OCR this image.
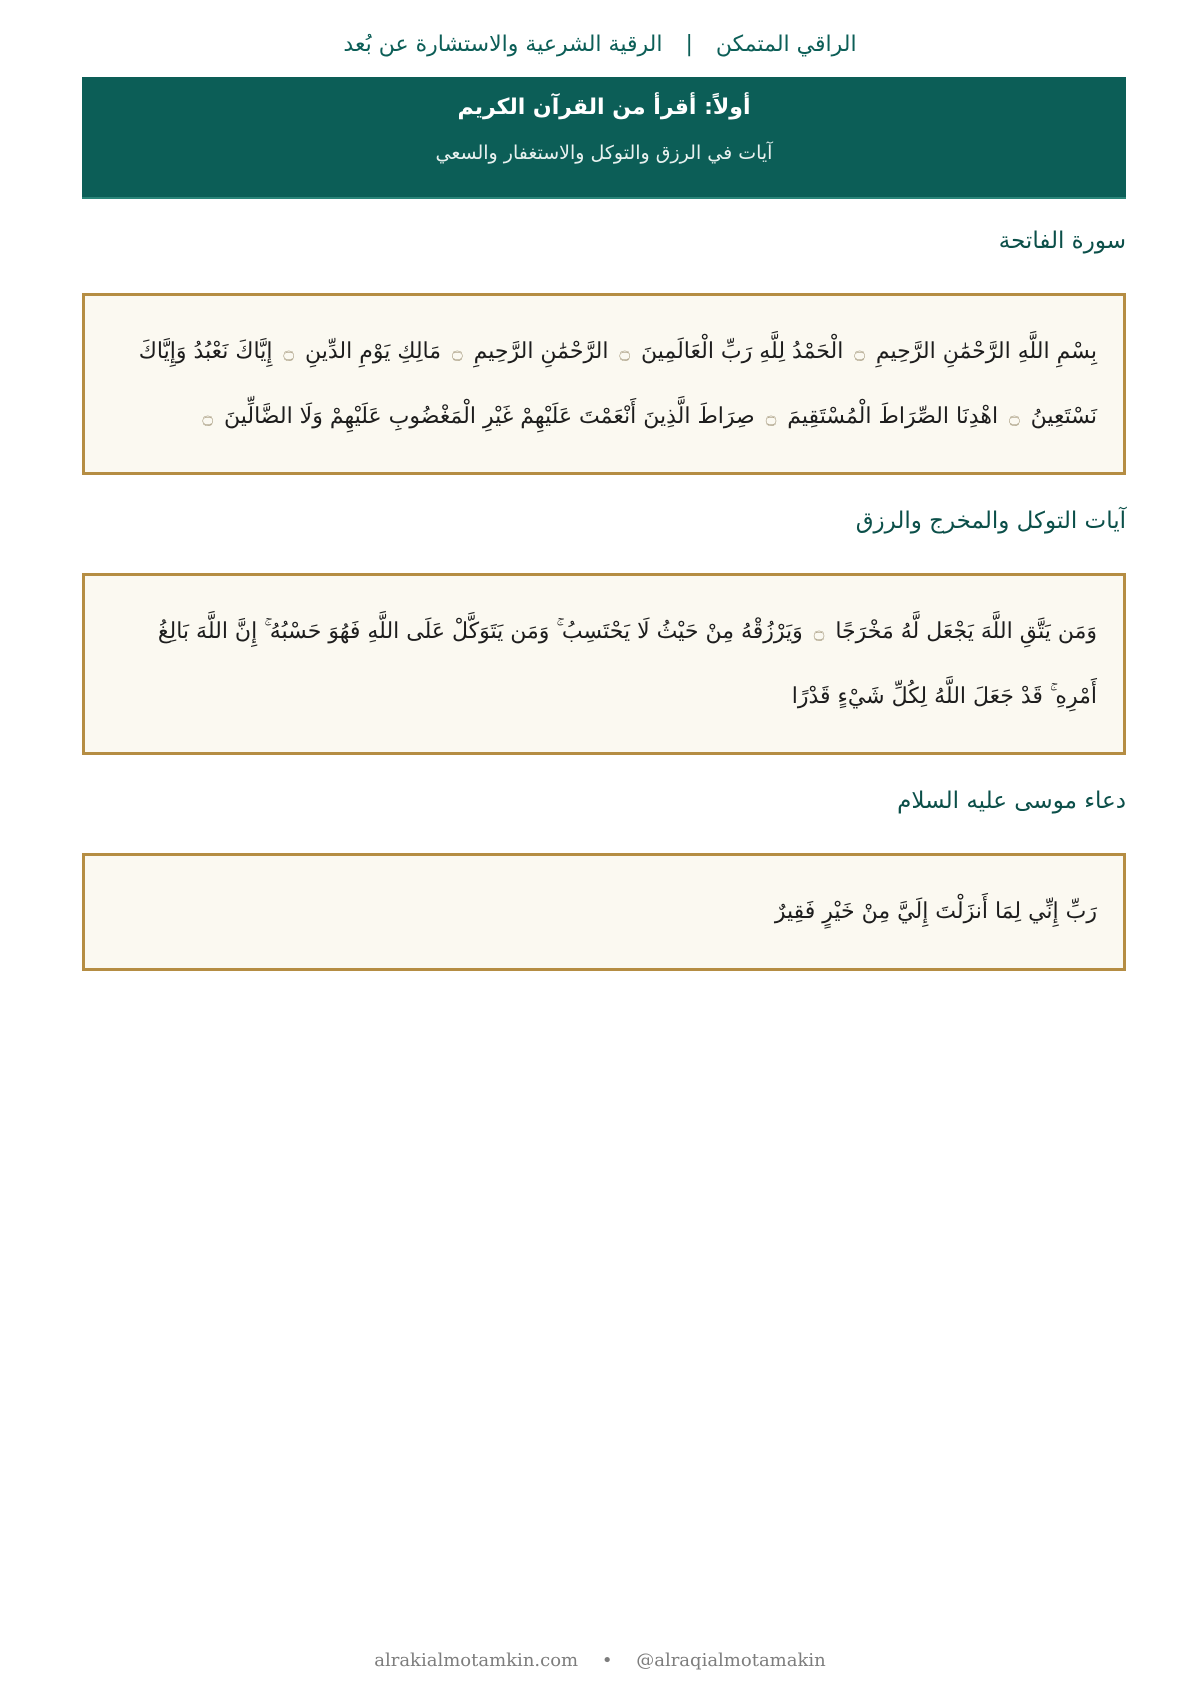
الراقي المتمكن | الرقية الشرعية والاستشارة عن بُعد
أولاً: أقرأ من القرآن الكريم
آيات في الرزق والتوكل والاستغفار والسعي
سورة الفاتحة
بِسْمِ اللَّهِ الرَّحْمَٰنِ الرَّحِيمِ ۝ الْحَمْدُ لِلَّهِ رَبِّ الْعَالَمِينَ ۝ الرَّحْمَٰنِ الرَّحِيمِ ۝ مَالِكِ يَوْمِ الدِّينِ ۝ إِيَّاكَ نَعْبُدُ وَإِيَّاكَ نَسْتَعِينُ ۝ اهْدِنَا الصِّرَاطَ الْمُسْتَقِيمَ ۝ صِرَاطَ الَّذِينَ أَنْعَمْتَ عَلَيْهِمْ غَيْرِ الْمَغْضُوبِ عَلَيْهِمْ وَلَا الضَّالِّينَ ۝
آيات التوكل والمخرج والرزق
وَمَن يَتَّقِ اللَّهَ يَجْعَل لَّهُ مَخْرَجًا ۝ وَيَرْزُقْهُ مِنْ حَيْثُ لَا يَحْتَسِبُ ۚ وَمَن يَتَوَكَّلْ عَلَى اللَّهِ فَهُوَ حَسْبُهُ ۚ إِنَّ اللَّهَ بَالِغُ أَمْرِهِ ۚ قَدْ جَعَلَ اللَّهُ لِكُلِّ شَيْءٍ قَدْرًا
دعاء موسى عليه السلام
رَبِّ إِنِّي لِمَا أَنزَلْتَ إِلَيَّ مِنْ خَيْرٍ فَقِيرٌ
alrakialmotamkin.com • @alraqialmotamakin
